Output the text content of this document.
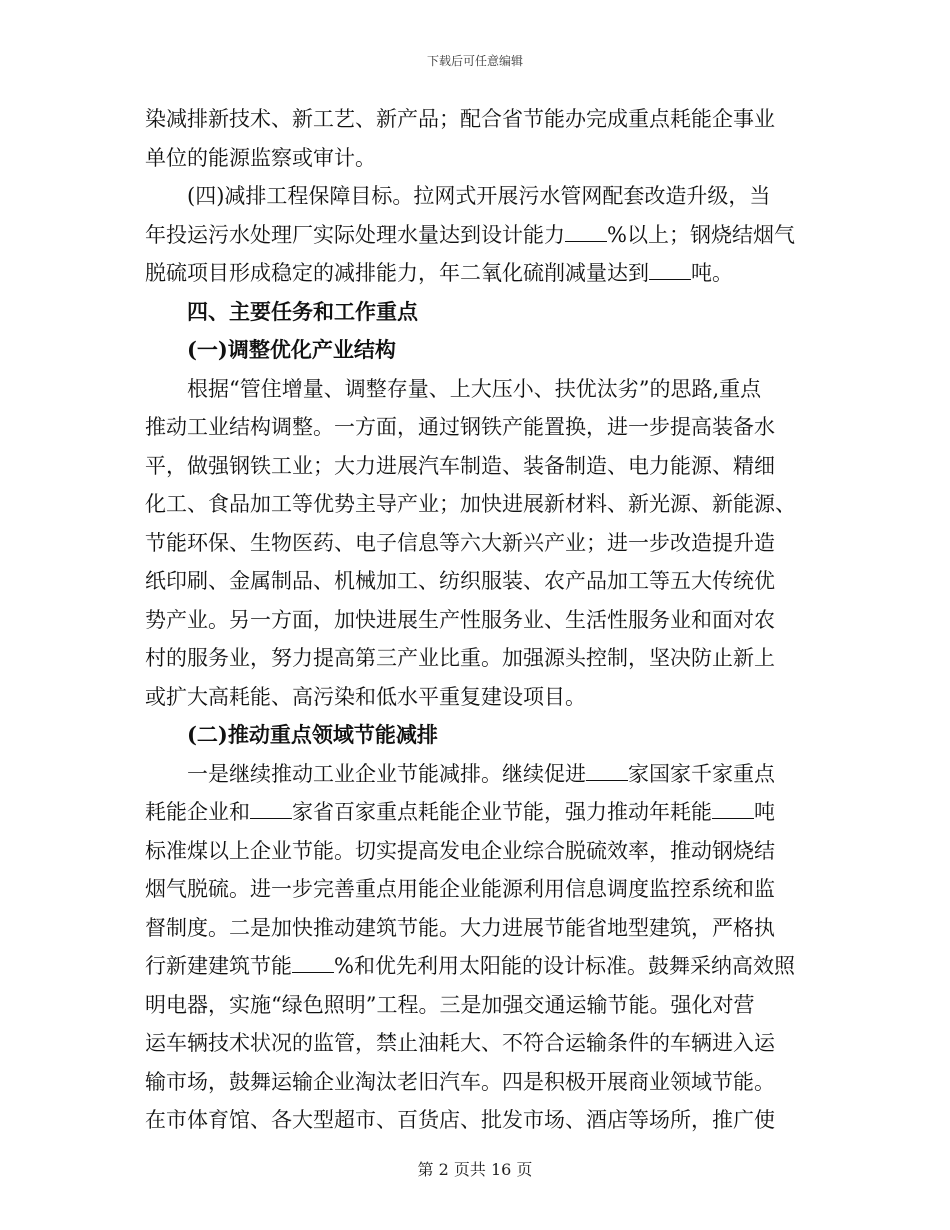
下载后可任意编辑
染减排新技术、新工艺、新产品；配合省节能办完成重点耗能企事业
单位的能源监察或审计。
　　(四)减排工程保障目标。拉网式开展污水管网配套改造升级，当
年投运污水处理厂实际处理水量达到设计能力 %以上；钢烧结烟气
脱硫项目形成稳定的减排能力，年二氧化硫削减量达到 吨。
　　四、主要任务和工作重点
　　(一)调整优化产业结构
　　根据“管住增量、调整存量、上大压小、扶优汰劣”的思路,重点
推动工业结构调整。一方面，通过钢铁产能置换，进一步提高装备水
平，做强钢铁工业；大力进展汽车制造、装备制造、电力能源、精细
化工、食品加工等优势主导产业；加快进展新材料、新光源、新能源、
节能环保、生物医药、电子信息等六大新兴产业；进一步改造提升造
纸印刷、金属制品、机械加工、纺织服装、农产品加工等五大传统优
势产业。另一方面，加快进展生产性服务业、生活性服务业和面对农
村的服务业，努力提高第三产业比重。加强源头控制，坚决防止新上
或扩大高耗能、高污染和低水平重复建设项目。
　　(二)推动重点领域节能减排
　　一是继续推动工业企业节能减排。继续促进 家国家千家重点
耗能企业和 家省百家重点耗能企业节能，强力推动年耗能 吨
标准煤以上企业节能。切实提高发电企业综合脱硫效率，推动钢烧结
烟气脱硫。进一步完善重点用能企业能源利用信息调度监控系统和监
督制度。二是加快推动建筑节能。大力进展节能省地型建筑，严格执
行新建建筑节能 %和优先利用太阳能的设计标准。鼓舞采纳高效照
明电器，实施“绿色照明”工程。三是加强交通运输节能。强化对营
运车辆技术状况的监管，禁止油耗大、不符合运输条件的车辆进入运
输市场，鼓舞运输企业淘汰老旧汽车。四是积极开展商业领域节能。
在市体育馆、各大型超市、百货店、批发市场、酒店等场所，推广使
第 2 页共 16 页
